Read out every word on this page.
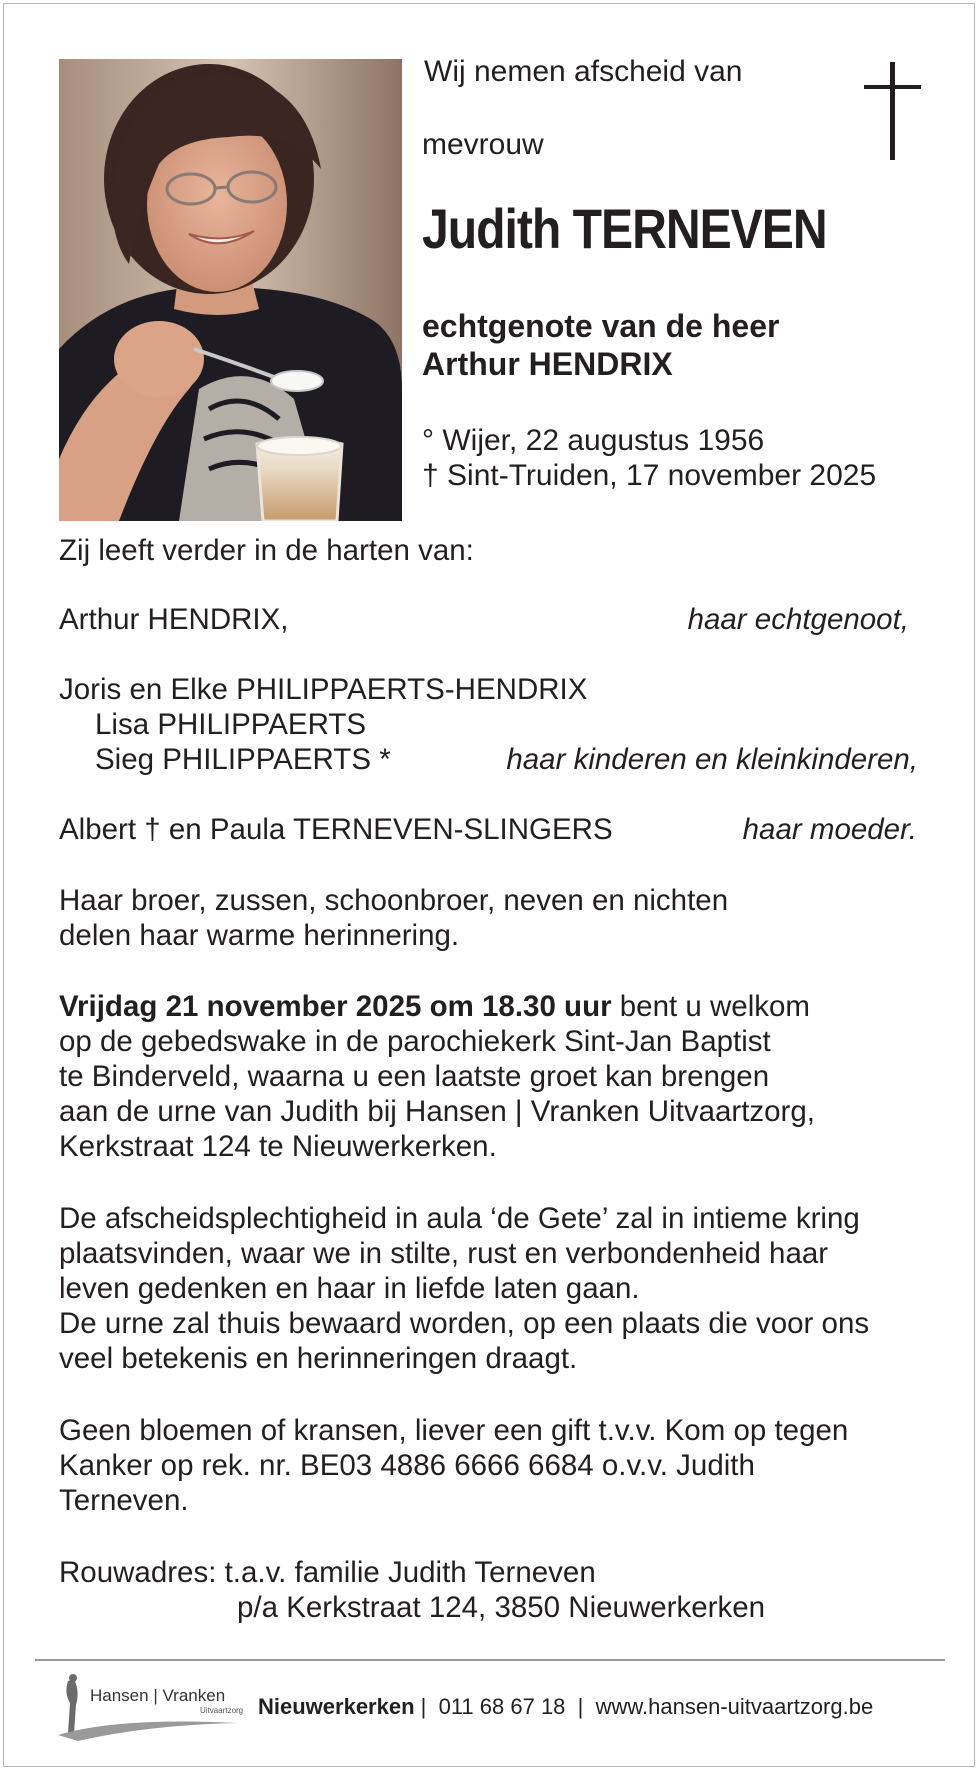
Wij nemen afscheid van
mevrouw
Judith TERNEVEN
echtgenote van de heer
Arthur HENDRIX
° Wijer, 22 augustus 1956
† Sint-Truiden, 17 november 2025
Zij leeft verder in de harten van:
Arthur HENDRIX,	haar echtgenoot,
Joris en Elke PHILIPPAERTS-HENDRIX
Lisa PHILIPPAERTS
Sieg PHILIPPAERTS *	haar kinderen en kleinkinderen,
Albert † en Paula TERNEVEN-SLINGERS	haar moeder.
Haar broer, zussen, schoonbroer, neven en nichten
delen haar warme herinnering.
Vrijdag 21 november 2025 om 18.30 uur bent u welkom
op de gebedswake in de parochiekerk Sint-Jan Baptist
te Binderveld, waarna u een laatste groet kan brengen
aan de urne van Judith bij Hansen | Vranken Uitvaartzorg,
Kerkstraat 124 te Nieuwerkerken.
De afscheidsplechtigheid in aula ‘de Gete’ zal in intieme kring
plaatsvinden, waar we in stilte, rust en verbondenheid haar
leven gedenken en haar in liefde laten gaan.
De urne zal thuis bewaard worden, op een plaats die voor ons
veel betekenis en herinneringen draagt.
Geen bloemen of kransen, liever een gift t.v.v. Kom op tegen
Kanker op rek. nr. BE03 4886 6666 6684 o.v.v. Judith
Terneven.
Rouwadres: t.a.v. familie Judith Terneven
p/a Kerkstraat 124, 3850 Nieuwerkerken
Hansen | Vranken
Uitvaartzorg Nieuwerkerken |  011 68 67 18  |  www.hansen-uitvaartzorg.be
